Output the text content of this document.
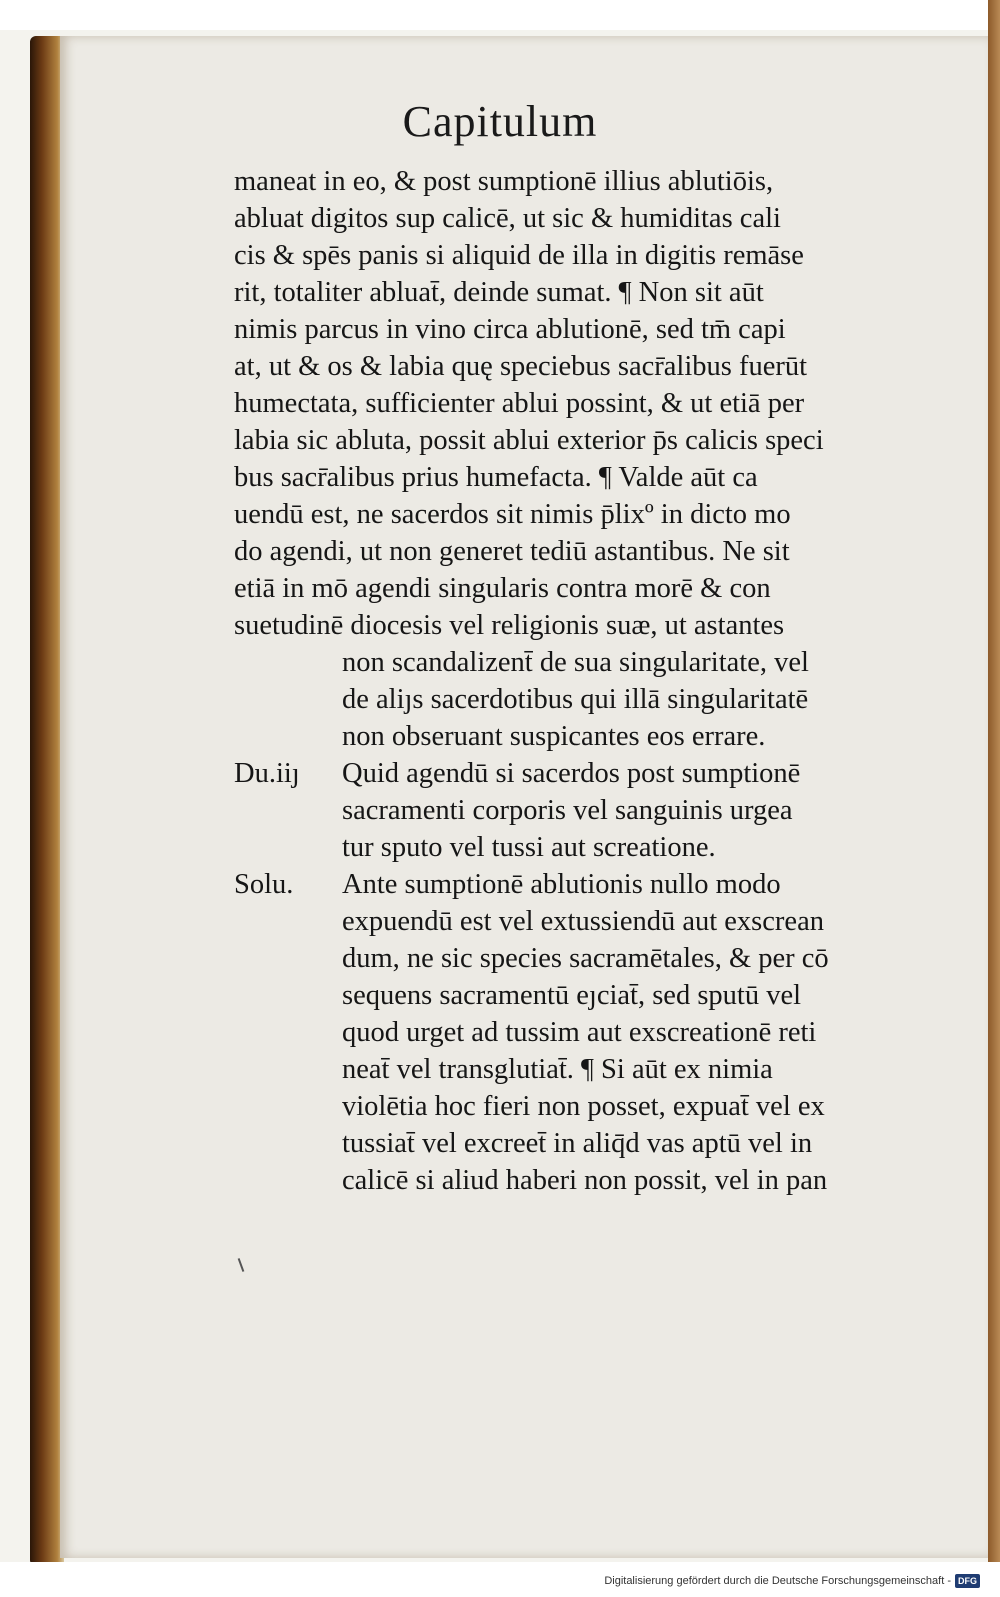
Capitulum
maneat in eo, & post sumptionē illius ablutiōis,
abluat digitos sup calicē, ut sic & humiditas cali
cis & spēs panis si aliquid de illa in digitis remāse
rit, totaliter abluat̄, deinde sumat. ¶ Non sit aūt
nimis parcus in vino circa ablutionē, sed tm̄ capi
at, ut & os & labia quę speciebus sacr̄alibus fuerūt
humectata, sufficienter ablui possint, & ut etiā per
labia sic abluta, possit ablui exterior p̄s calicis speci
bus sacr̄alibus prius humefacta. ¶ Valde aūt ca
uendū est, ne sacerdos sit nimis p̄lixº in dicto mo
do agendi, ut non generet tediū astantibus. Ne sit
etiā in mō agendi singularis contra morē & con
suetudinē diocesis vel religionis suæ, ut astantes
non scandalizent̄ de sua singularitate, vel
de aliȷs sacerdotibus qui illā singularitatē
non obseruant suspicantes eos errare.
Du.iiȷ Quid agendū si sacerdos post sumptionē
sacramenti corporis vel sanguinis urgea
tur sputo vel tussi aut screatione.
Solu. Ante sumptionē ablutionis nullo modo
expuendū est vel extussiendū aut exscrean
dum, ne sic species sacramētales, & per cō
sequens sacramentū eȷciat̄, sed sputū vel
quod urget ad tussim aut exscreationē reti
neat̄ vel transglutiat̄. ¶ Si aūt ex nimia
violētia hoc fieri non posset, expuat̄ vel ex
tussiat̄ vel excreet̄ in aliq̄d vas aptū vel in
calicē si aliud haberi non possit, vel in pan
Digitalisierung gefördert durch die Deutsche Forschungsgemeinschaft - DFG
